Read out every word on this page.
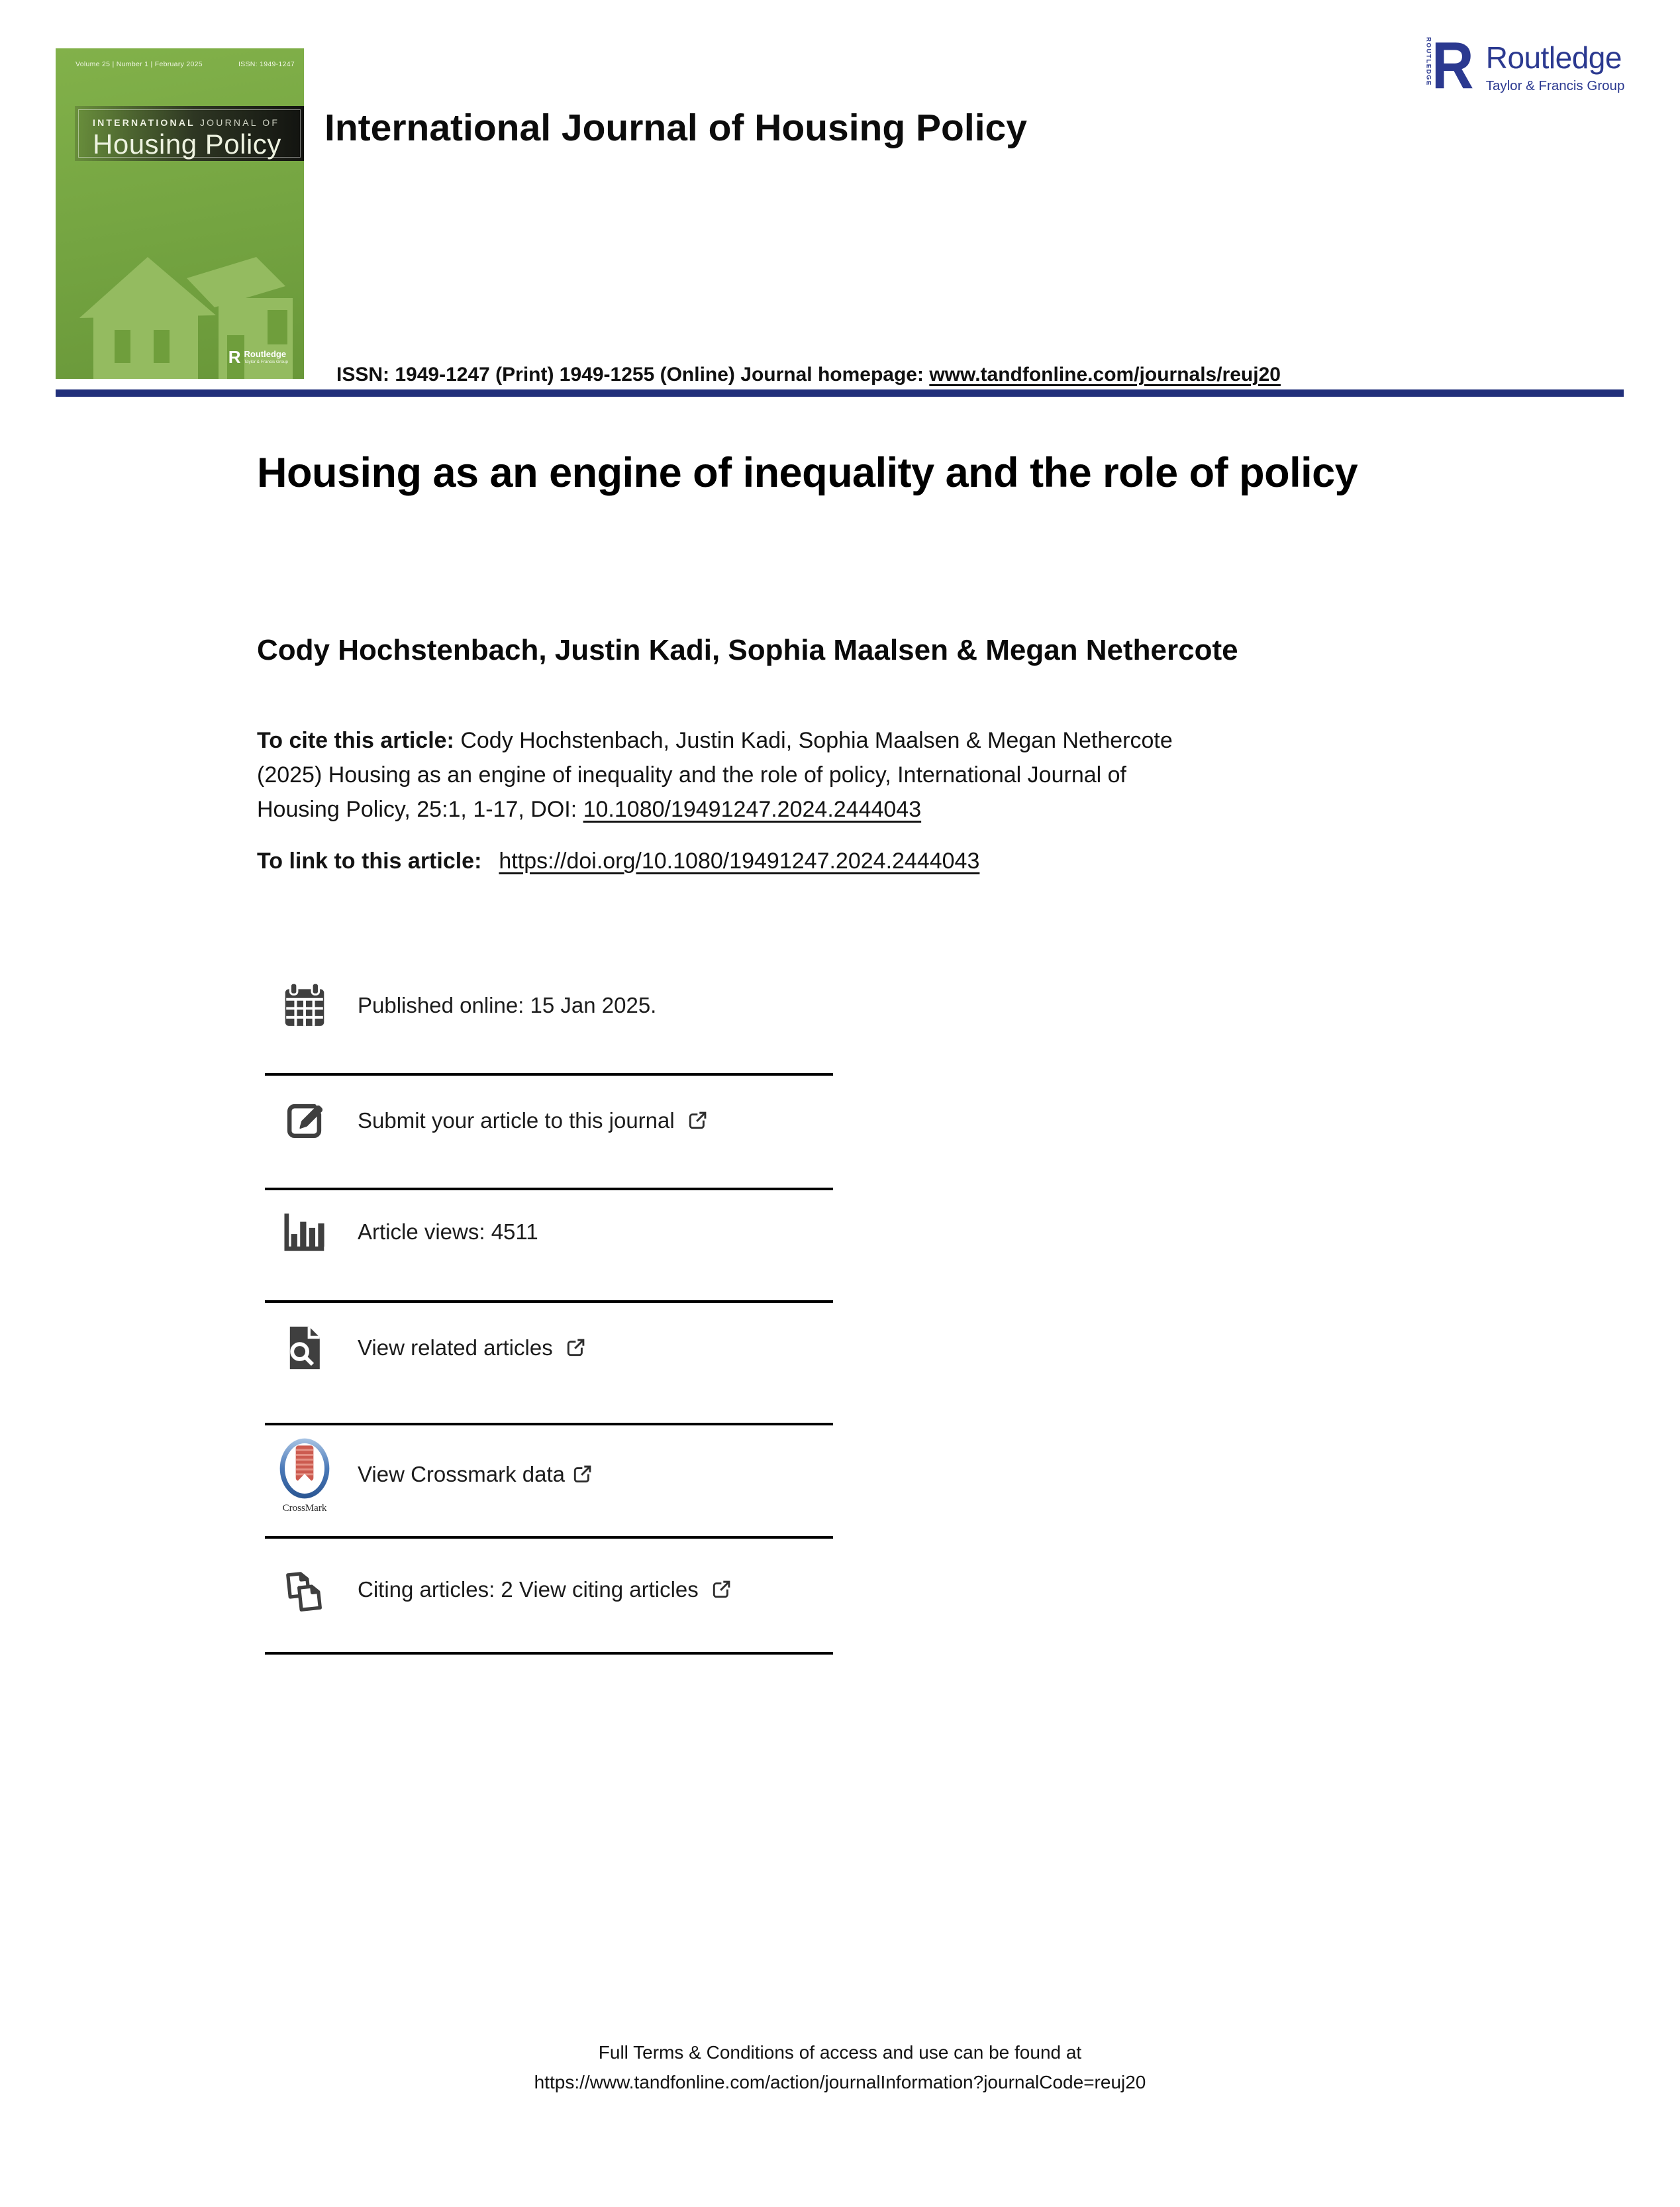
Volume 25 | Number 1 | February 2025	ISSN: 1949-1247
INTERNATIONAL JOURNAL OF
Housing Policy
R Routledge
Taylor & Francis Group
ROUTLEDGE R Routledge
Taylor & Francis Group
International Journal of Housing Policy
ISSN: 1949-1247 (Print) 1949-1255 (Online) Journal homepage: www.tandfonline.com/journals/reuj20
Housing as an engine of inequality and the role of policy
Cody Hochstenbach, Justin Kadi, Sophia Maalsen & Megan Nethercote
To cite this article: Cody Hochstenbach, Justin Kadi, Sophia Maalsen & Megan Nethercote
(2025) Housing as an engine of inequality and the role of policy, International Journal of
Housing Policy, 25:1, 1-17, DOI: 10.1080/19491247.2024.2444043
To link to this article: https://doi.org/10.1080/19491247.2024.2444043
Published online: 15 Jan 2025.
Submit your article to this journal
Article views: 4511
View related articles
CrossMark
View Crossmark data
Citing articles: 2 View citing articles
Full Terms & Conditions of access and use can be found at
https://www.tandfonline.com/action/journalInformation?journalCode=reuj20
